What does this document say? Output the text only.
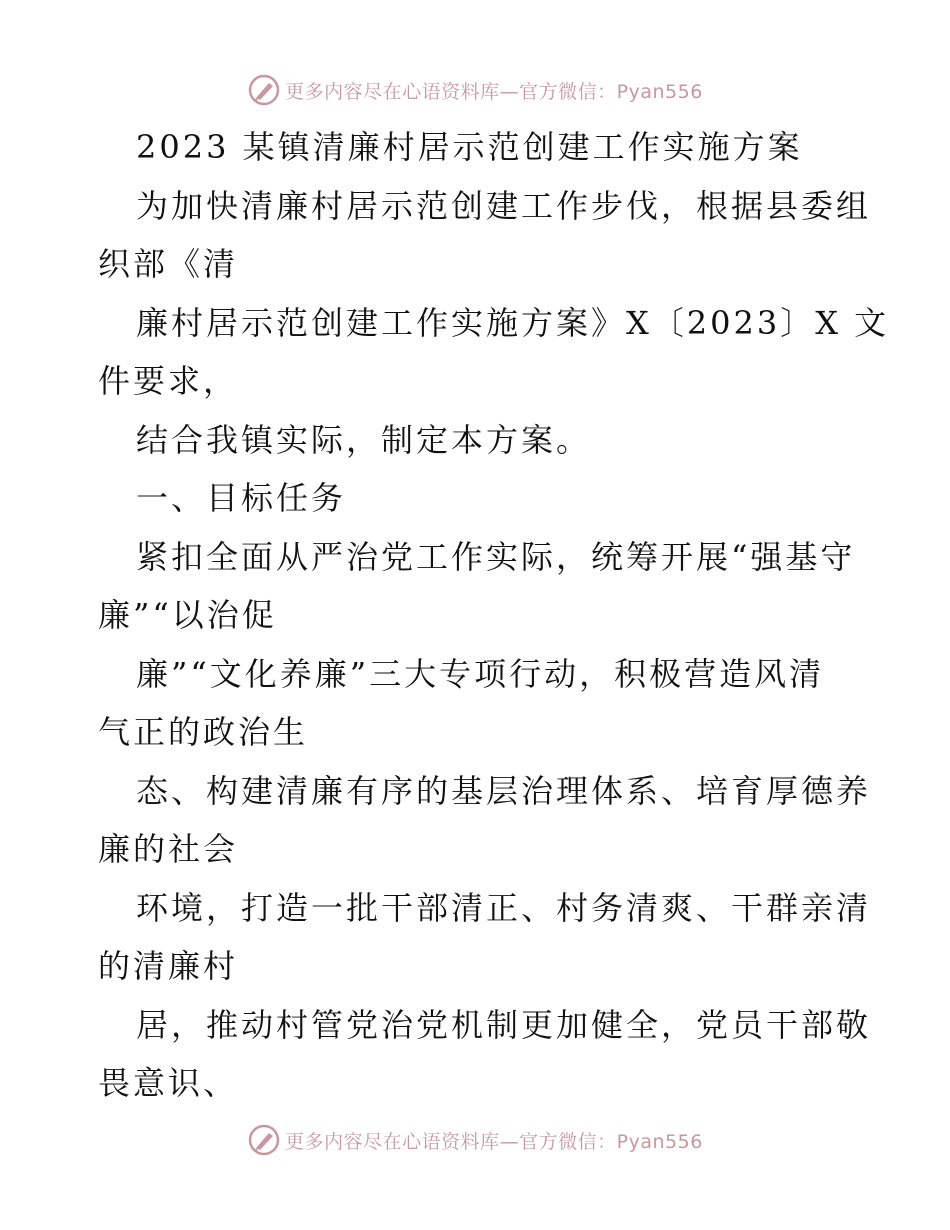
更多内容尽在心语资料库—官方微信：Pyan556
2023 某镇清廉村居示范创建工作实施方案
为加快清廉村居示范创建工作步伐，根据县委组
织部《清
廉村居示范创建工作实施方案》X〔2023〕X 文
件要求，
结合我镇实际，制定本方案。
一、目标任务
紧扣全面从严治党工作实际，统筹开展“强基守
廉”“以治促
廉”“文化养廉”三大专项行动，积极营造风清
气正的政治生
态、构建清廉有序的基层治理体系、培育厚德养
廉的社会
环境，打造一批干部清正、村务清爽、干群亲清
的清廉村
居，推动村管党治党机制更加健全，党员干部敬
畏意识、
更多内容尽在心语资料库—官方微信：Pyan556
